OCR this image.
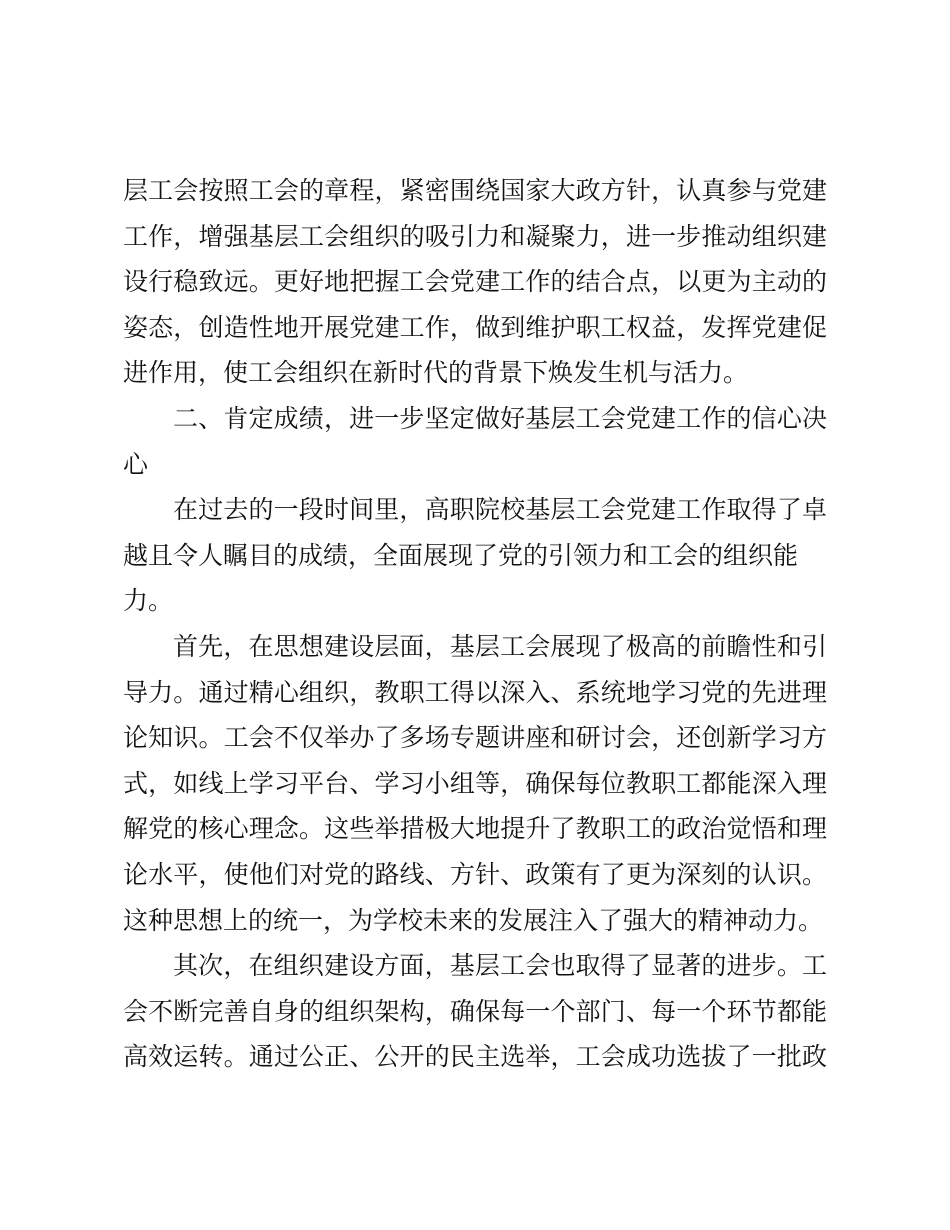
层工会按照工会的章程，紧密围绕国家大政方针，认真参与党建
工作，增强基层工会组织的吸引力和凝聚力，进一步推动组织建
设行稳致远。更好地把握工会党建工作的结合点，以更为主动的
姿态，创造性地开展党建工作，做到维护职工权益，发挥党建促
进作用，使工会组织在新时代的背景下焕发生机与活力。
二、肯定成绩，进一步坚定做好基层工会党建工作的信心决
心
在过去的一段时间里，高职院校基层工会党建工作取得了卓
越且令人瞩目的成绩，全面展现了党的引领力和工会的组织能
力。
首先，在思想建设层面，基层工会展现了极高的前瞻性和引
导力。通过精心组织，教职工得以深入、系统地学习党的先进理
论知识。工会不仅举办了多场专题讲座和研讨会，还创新学习方
式，如线上学习平台、学习小组等，确保每位教职工都能深入理
解党的核心理念。这些举措极大地提升了教职工的政治觉悟和理
论水平，使他们对党的路线、方针、政策有了更为深刻的认识。
这种思想上的统一，为学校未来的发展注入了强大的精神动力。
其次，在组织建设方面，基层工会也取得了显著的进步。工
会不断完善自身的组织架构，确保每一个部门、每一个环节都能
高效运转。通过公正、公开的民主选举，工会成功选拔了一批政
